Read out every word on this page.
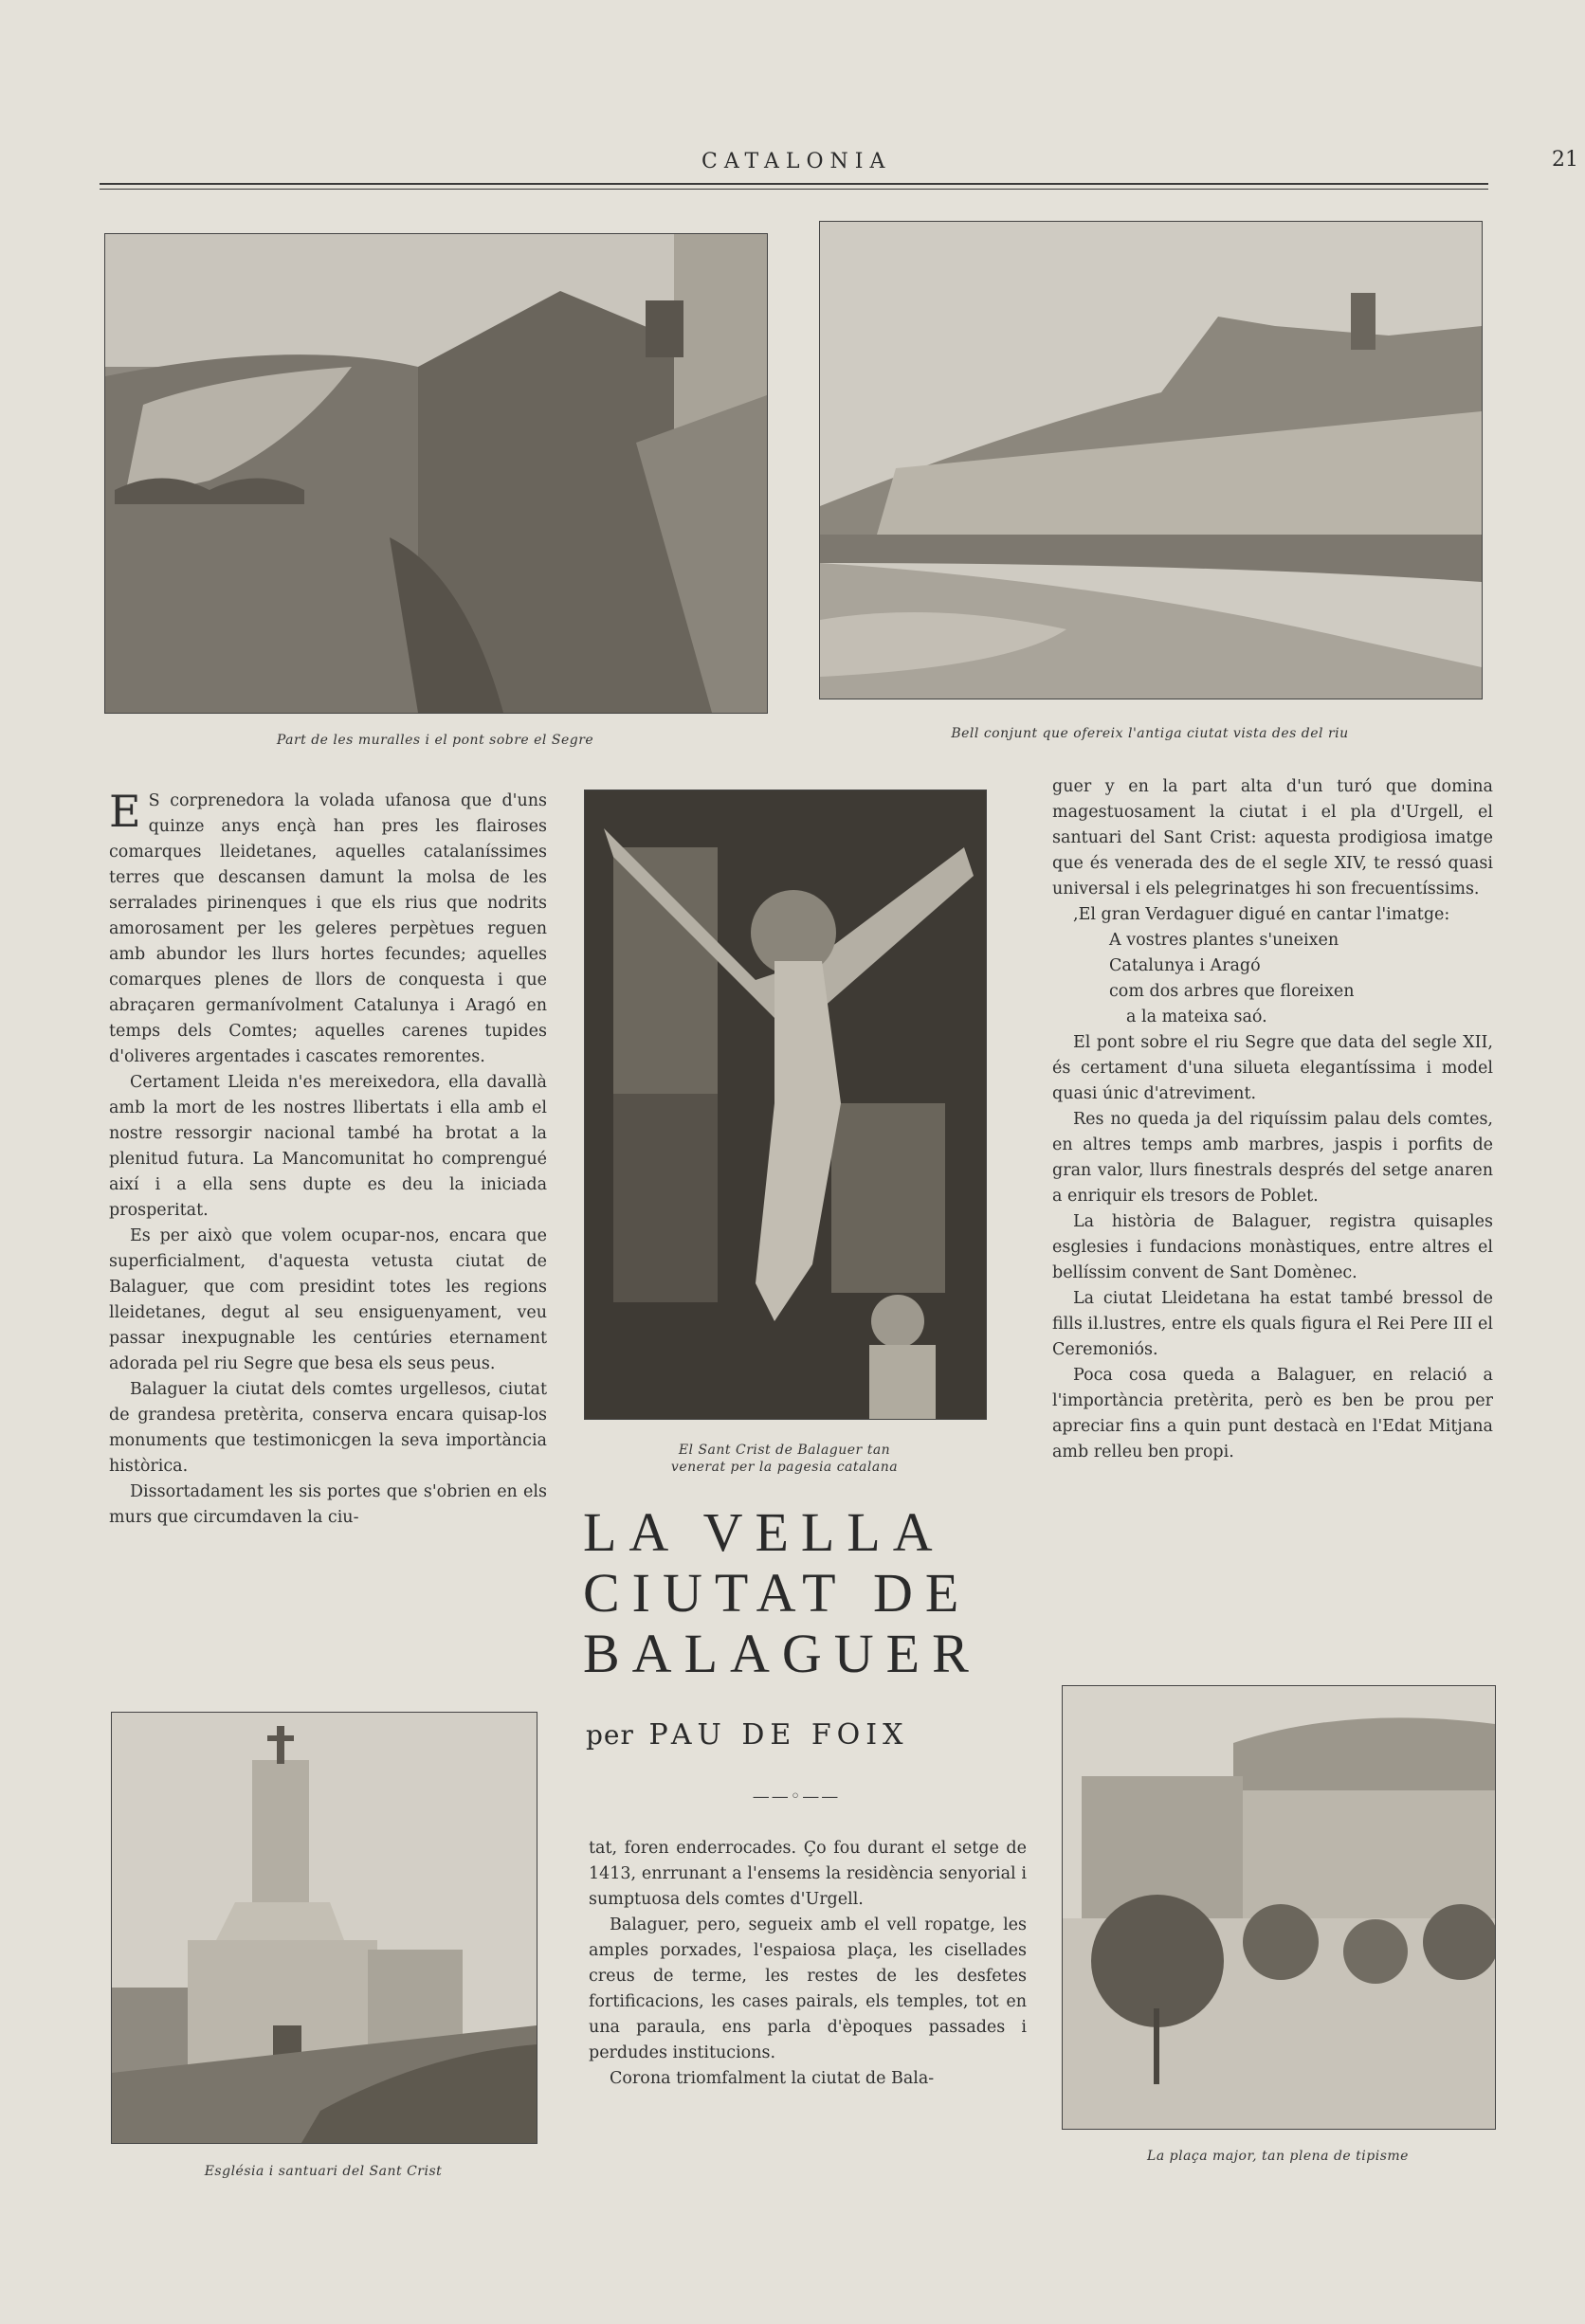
CATALONIA	21
Part de les muralles i el pont sobre el Segre	Bell conjunt que ofereix l'antiga ciutat vista des del riu

E S corprenedora la volada ufanosa que d'uns quinze anys ençà han pres les flairoses comarques lleidetanes, aquelles catalaníssimes terres que descansen damunt la molsa de les serralades pirinenques i que els rius que nodrits amorosament per les geleres perpètues reguen amb abundor les llurs hortes fecundes; aquelles comarques plenes de llors de conquesta i que abraçaren germanívolment Catalunya i Aragó en temps dels Comtes; aquelles carenes tupides d'oliveres argentades i cascates remorentes.

Certament Lleida n'es mereixedora, ella davallà amb la mort de les nostres llibertats i ella amb el nostre ressorgir nacional també ha brotat a la plenitud futura. La Mancomunitat ho comprengué així i a ella sens dupte es deu la iniciada prosperitat.

Es per això que volem ocupar-nos, encara que superficialment, d'aquesta vetusta ciutat de Balaguer, que com presidint totes les regions lleidetanes, degut al seu ensiguenyament, veu passar inexpugnable les centúries eternament adorada pel riu Segre que besa els seus peus.

Balaguer la ciutat dels comtes urgellesos, ciutat de grandesa pretèrita, conserva encara quisap-los monuments que testimonicgen la seva importància històrica.

Dissortadament les sis portes que s'obrien en els murs que circumdaven la ciu-

El Sant Crist de Balaguer tan
venerat per la pagesia catalana
LA VELLA
CIUTAT DE
BALAGUER
per PAU DE FOIX
——◦——

tat, foren enderrocades. Ço fou durant el setge de 1413, enrrunant a l'ensems la residència senyorial i sumptuosa dels comtes d'Urgell.

Balaguer, pero, segueix amb el vell ropatge, les amples porxades, l'espaiosa plaça, les cisellades creus de terme, les restes de les desfetes fortificacions, les cases pairals, els temples, tot en una paraula, ens parla d'èpoques passades i perdudes institucions.

Corona triomfalment la ciutat de Bala-

guer y en la part alta d'un turó que domina magestuosament la ciutat i el pla d'Urgell, el santuari del Sant Crist: aquesta prodigiosa imatge que és venerada des de el segle XIV, te ressó quasi universal i els pelegrinatges hi son frecuentíssims.

,El gran Verdaguer digué en cantar l'imatge:

A vostres plantes s'uneixen

Catalunya i Aragó

com dos arbres que floreixen

a la mateixa saó.

El pont sobre el riu Segre que data del segle XII, és certament d'una silueta elegantíssima i model quasi únic d'atreviment.

Res no queda ja del riquíssim palau dels comtes, en altres temps amb marbres, jaspis i porfits de gran valor, llurs finestrals després del setge anaren a enriquir els tresors de Poblet.

La història de Balaguer, registra quisaples esglesies i fundacions monàstiques, entre altres el bellíssim convent de Sant Domènec.

La ciutat Lleidetana ha estat també bressol de fills il.lustres, entre els quals figura el Rei Pere III el Ceremoniós.

Poca cosa queda a Balaguer, en relació a l'importància pretèrita, però es ben be prou per apreciar fins a quin punt destacà en l'Edat Mitjana amb relleu ben propi.

Església i santuari del Sant Crist
La plaça major, tan plena de tipisme
